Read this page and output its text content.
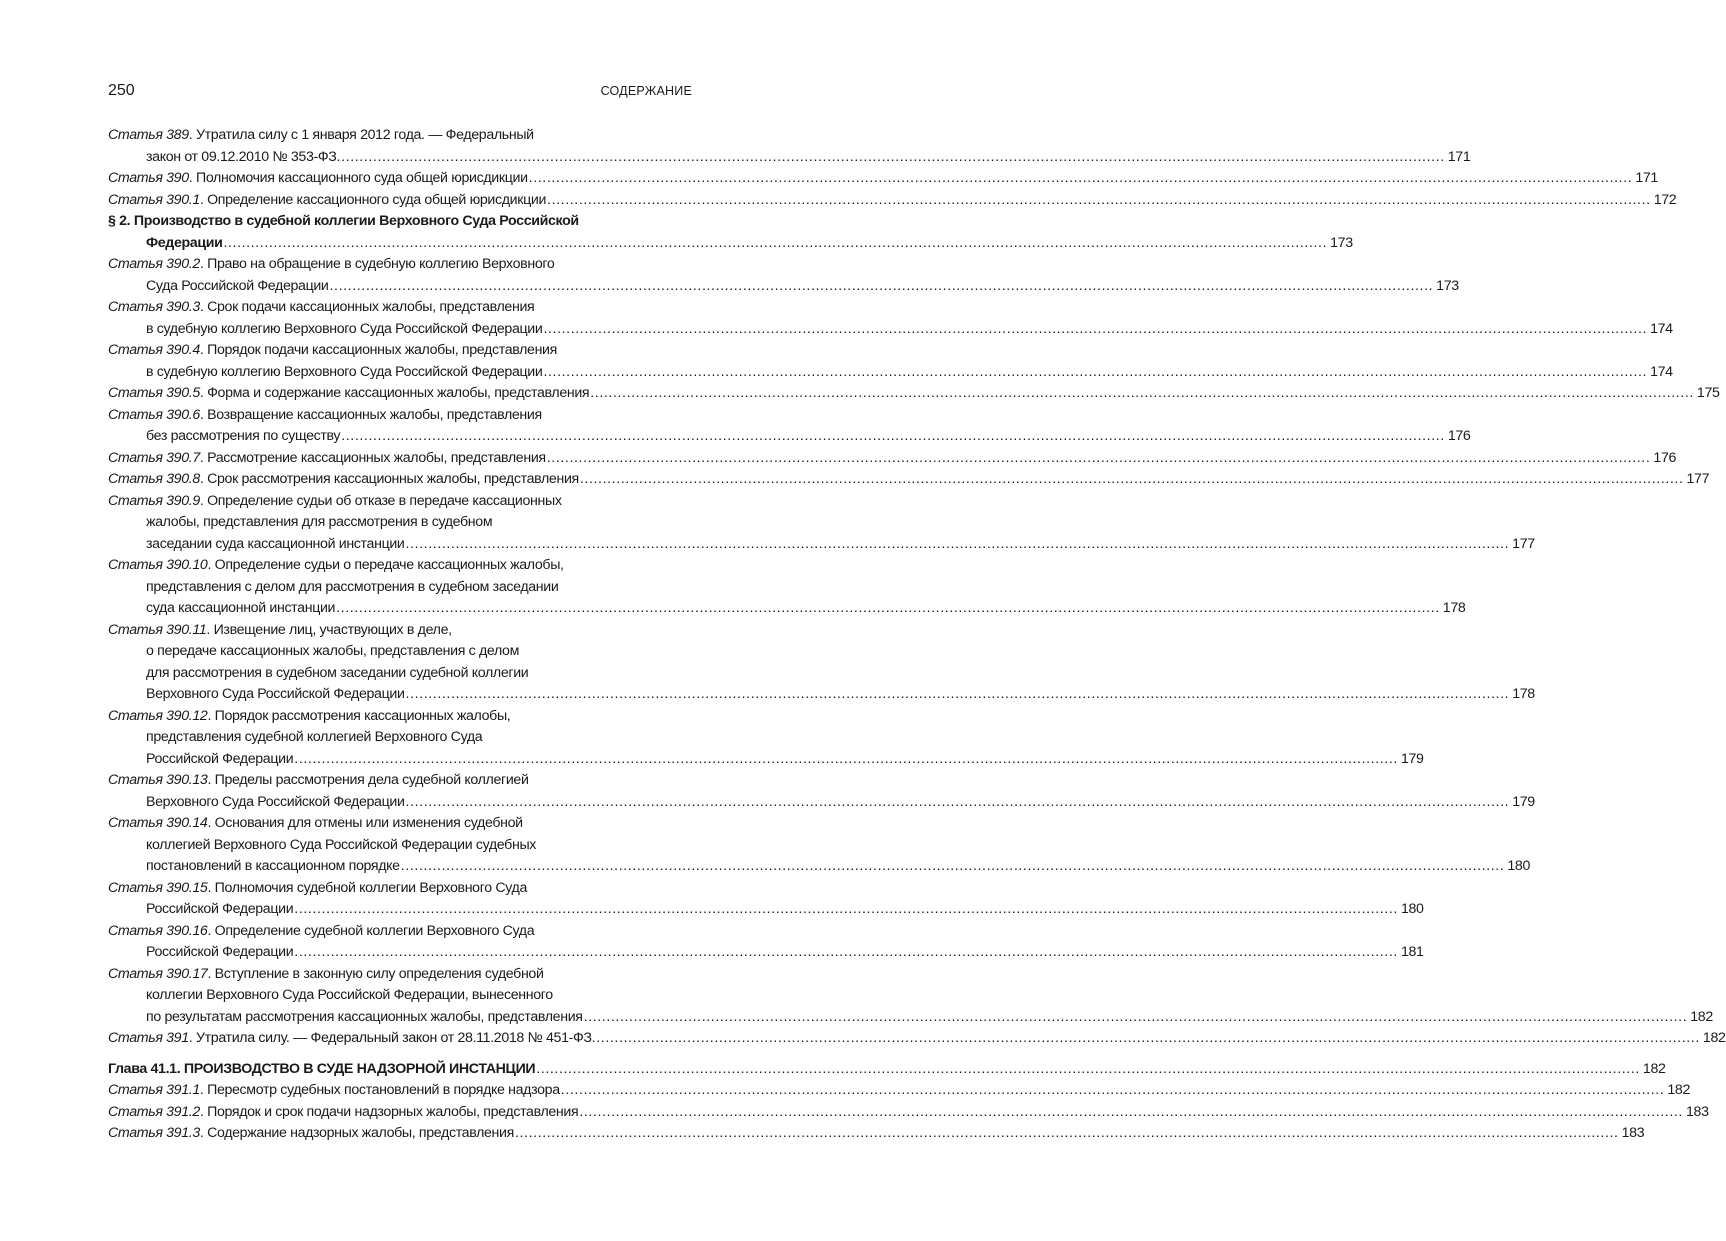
250	СОДЕРЖАНИЕ
Статья 389. Утратила силу с 1 января 2012 года. — Федеральный
закон от 09.12.2010 № 353-ФЗ. .....	171
Статья 390. Полномочия кассационного суда общей юрисдикции .....	171
Статья 390.1. Определение кассационного суда общей юрисдикции .....	172
§ 2. Производство в судебной коллегии Верховного Суда Российской
Федерации .....	173
Статья 390.2. Право на обращение в судебную коллегию Верховного
Суда Российской Федерации .....	173
Статья 390.3. Срок подачи кассационных жалобы, представления
в судебную коллегию Верховного Суда Российской Федерации .....	174
Статья 390.4. Порядок подачи кассационных жалобы, представления
в судебную коллегию Верховного Суда Российской Федерации .....	174
Статья 390.5. Форма и содержание кассационных жалобы, представления .....	175
Статья 390.6. Возвращение кассационных жалобы, представления
без рассмотрения по существу .....	176
Статья 390.7. Рассмотрение кассационных жалобы, представления .....	176
Статья 390.8. Срок рассмотрения кассационных жалобы, представления .....	177
Статья 390.9. Определение судьи об отказе в передаче кассационных
жалобы, представления для рассмотрения в судебном
заседании суда кассационной инстанции .....	177
Статья 390.10. Определение судьи о передаче кассационных жалобы,
представления с делом для рассмотрения в судебном заседании
суда кассационной инстанции .....	178
Статья 390.11. Извещение лиц, участвующих в деле,
о передаче кассационных жалобы, представления с делом
для рассмотрения в судебном заседании судебной коллегии
Верховного Суда Российской Федерации .....	178
Статья 390.12. Порядок рассмотрения кассационных жалобы,
представления судебной коллегией Верховного Суда
Российской Федерации .....	179
Статья 390.13. Пределы рассмотрения дела судебной коллегией
Верховного Суда Российской Федерации .....	179
Статья 390.14. Основания для отмены или изменения судебной
коллегией Верховного Суда Российской Федерации судебных
постановлений в кассационном порядке .....	180
Статья 390.15. Полномочия судебной коллегии Верховного Суда
Российской Федерации .....	180
Статья 390.16. Определение судебной коллегии Верховного Суда
Российской Федерации .....	181
Статья 390.17. Вступление в законную силу определения судебной
коллегии Верховного Суда Российской Федерации, вынесенного
по результатам рассмотрения кассационных жалобы, представления .....	182
Статья 391. Утратила силу. — Федеральный закон от 28.11.2018 № 451-ФЗ. .....	182
Глава 41.1. ПРОИЗВОДСТВО В СУДЕ НАДЗОРНОЙ ИНСТАНЦИИ .....	182
Статья 391.1. Пересмотр судебных постановлений в порядке надзора .....	182
Статья 391.2. Порядок и срок подачи надзорных жалобы, представления .....	183
Статья 391.3. Содержание надзорных жалобы, представления .....	183
